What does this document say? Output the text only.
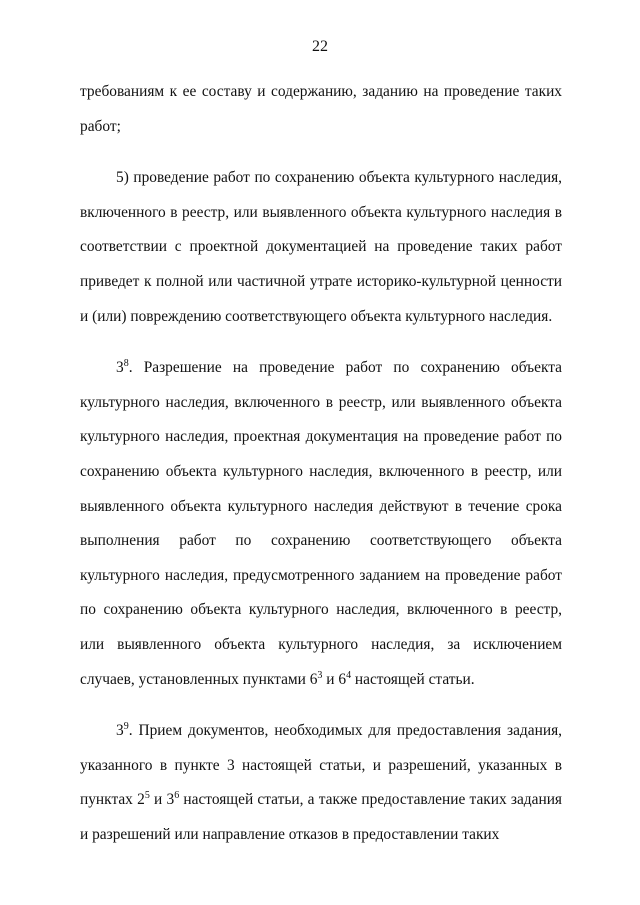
22

требованиям к ее составу и содержанию, заданию на проведение таких работ;

5) проведение работ по сохранению объекта культурного наследия, включенного в реестр, или выявленного объекта культурного наследия в соответствии с проектной документацией на проведение таких работ приведет к полной или частичной утрате историко-культурной ценности и (или) повреждению соответствующего объекта культурного наследия.

$3^8$. Разрешение на проведение работ по сохранению объекта культурного наследия, включенного в реестр, или выявленного объекта культурного наследия, проектная документация на проведение работ по сохранению объекта культурного наследия, включенного в реестр, или выявленного объекта культурного наследия действуют в течение срока выполнения работ по сохранению соответствующего объекта культурного наследия, предусмотренного заданием на проведение работ по сохранению объекта культурного наследия, включенного в реестр, или выявленного объекта культурного наследия, за исключением случаев, установленных пунктами $6^3$ и $6^4$ настоящей статьи.

$3^9$. Прием документов, необходимых для предоставления задания, указанного в пункте 3 настоящей статьи, и разрешений, указанных в пунктах $2^5$ и $3^6$ настоящей статьи, а также предоставление таких задания и разрешений или направление отказов в предоставлении таких
